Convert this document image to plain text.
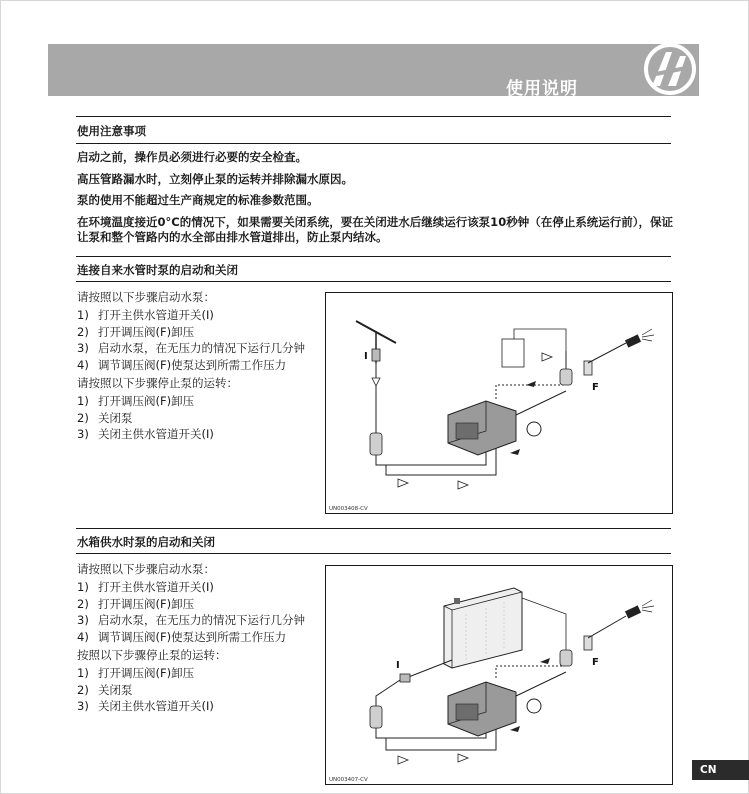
使用说明
使用注意事项
启动之前，操作员必须进行必要的安全检查。
高压管路漏水时，立刻停止泵的运转并排除漏水原因。
泵的使用不能超过生产商规定的标准参数范围。
在环境温度接近0°C的情况下，如果需要关闭系统，要在关闭进水后继续运行该泵10秒钟（在停止系统运行前），保证让泵和整个管路内的水全部由排水管道排出，防止泵内结冰。
连接自来水管时泵的启动和关闭

请按照以下步骤启动水泵：

1) 打开主供水管道开关(I)
2) 打开调压阀(F)卸压
3) 启动水泵，在无压力的情况下运行几分钟
4) 调节调压阀(F)使泵达到所需工作压力

请按照以下步骤停止泵的运转：

1) 打开调压阀(F)卸压
2) 关闭泵
3) 关闭主供水管道开关(I)
I
F
UN003408-CV
水箱供水时泵的启动和关闭

请按照以下步骤启动水泵：

1) 打开主供水管道开关(I)
2) 打开调压阀(F)卸压
3) 启动水泵，在无压力的情况下运行几分钟
4) 调节调压阀(F)使泵达到所需工作压力

按照以下步骤停止泵的运转：

1) 打开调压阀(F)卸压
2) 关闭泵
3) 关闭主供水管道开关(I)
I	F
UN003407-CV
CN
